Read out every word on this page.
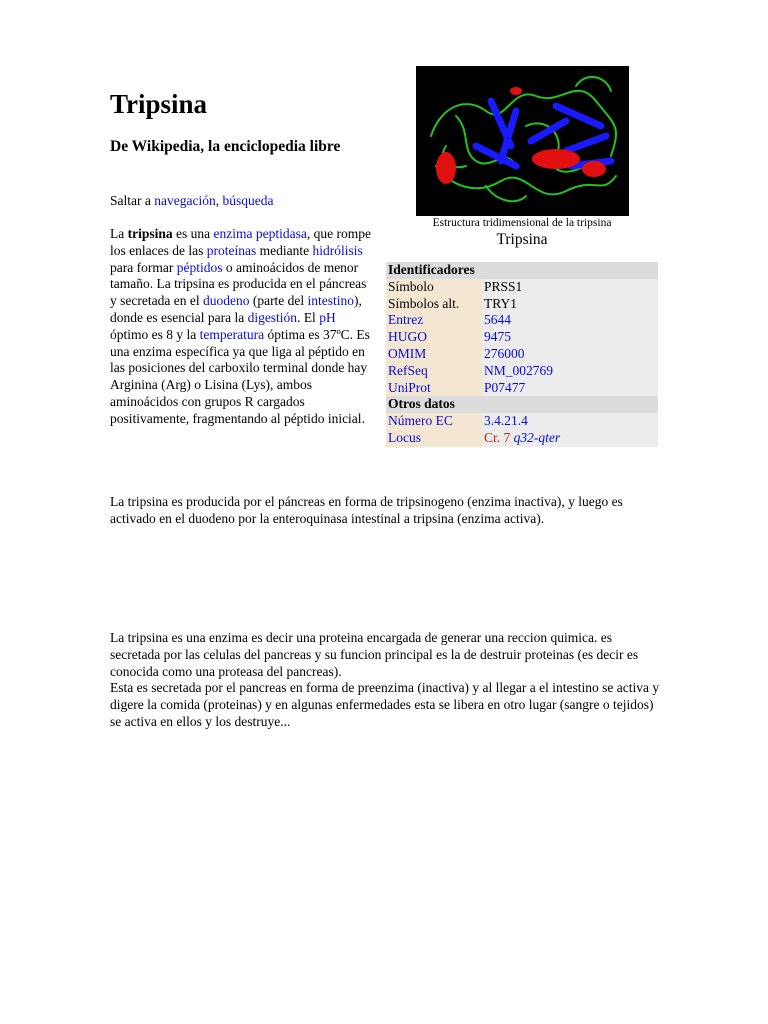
Tripsina
De Wikipedia, la enciclopedia libre
Saltar a navegación, búsqueda

La tripsina es una enzima peptidasa, que rompe los enlaces de las proteínas mediante hidrólisis para formar péptidos o aminoácidos de menor tamaño. La tripsina es producida en el páncreas y secretada en el duodeno (parte del intestino), donde es esencial para la digestión. El pH óptimo es 8 y la temperatura óptima es 37ºC. Es una enzima específica ya que liga al péptido en las posiciones del carboxilo terminal donde hay Arginina (Arg) o Lisina (Lys), ambos aminoácidos con grupos R cargados positivamente, fragmentando al péptido inicial.

La tripsina es producida por el páncreas en forma de tripsinogeno (enzima inactiva), y luego es activado en el duodeno por la enteroquinasa intestinal a tripsina (enzima activa).

La tripsina es una enzima es decir una proteina encargada de generar una reccion quimica. es secretada por las celulas del pancreas y su funcion principal es la de destruir proteinas (es decir es conocida como una proteasa del pancreas).
Esta es secretada por el pancreas en forma de preenzima (inactiva) y al llegar a el intestino se activa y digere la comida (proteinas) y en algunas enfermedades esta se libera en otro lugar (sangre o tejidos) se activa en ellos y los destruye...

Estructura tridimensional de la tripsina
Tripsina
Identificadores	
Símbolo	PRSS1
Símbolos alt.	TRY1
Entrez	5644
HUGO	9475
OMIM	276000
RefSeq	NM_002769
UniProt	P07477
Otros datos	
Número EC	3.4.21.4
Locus	Cr. 7 q32-qter
